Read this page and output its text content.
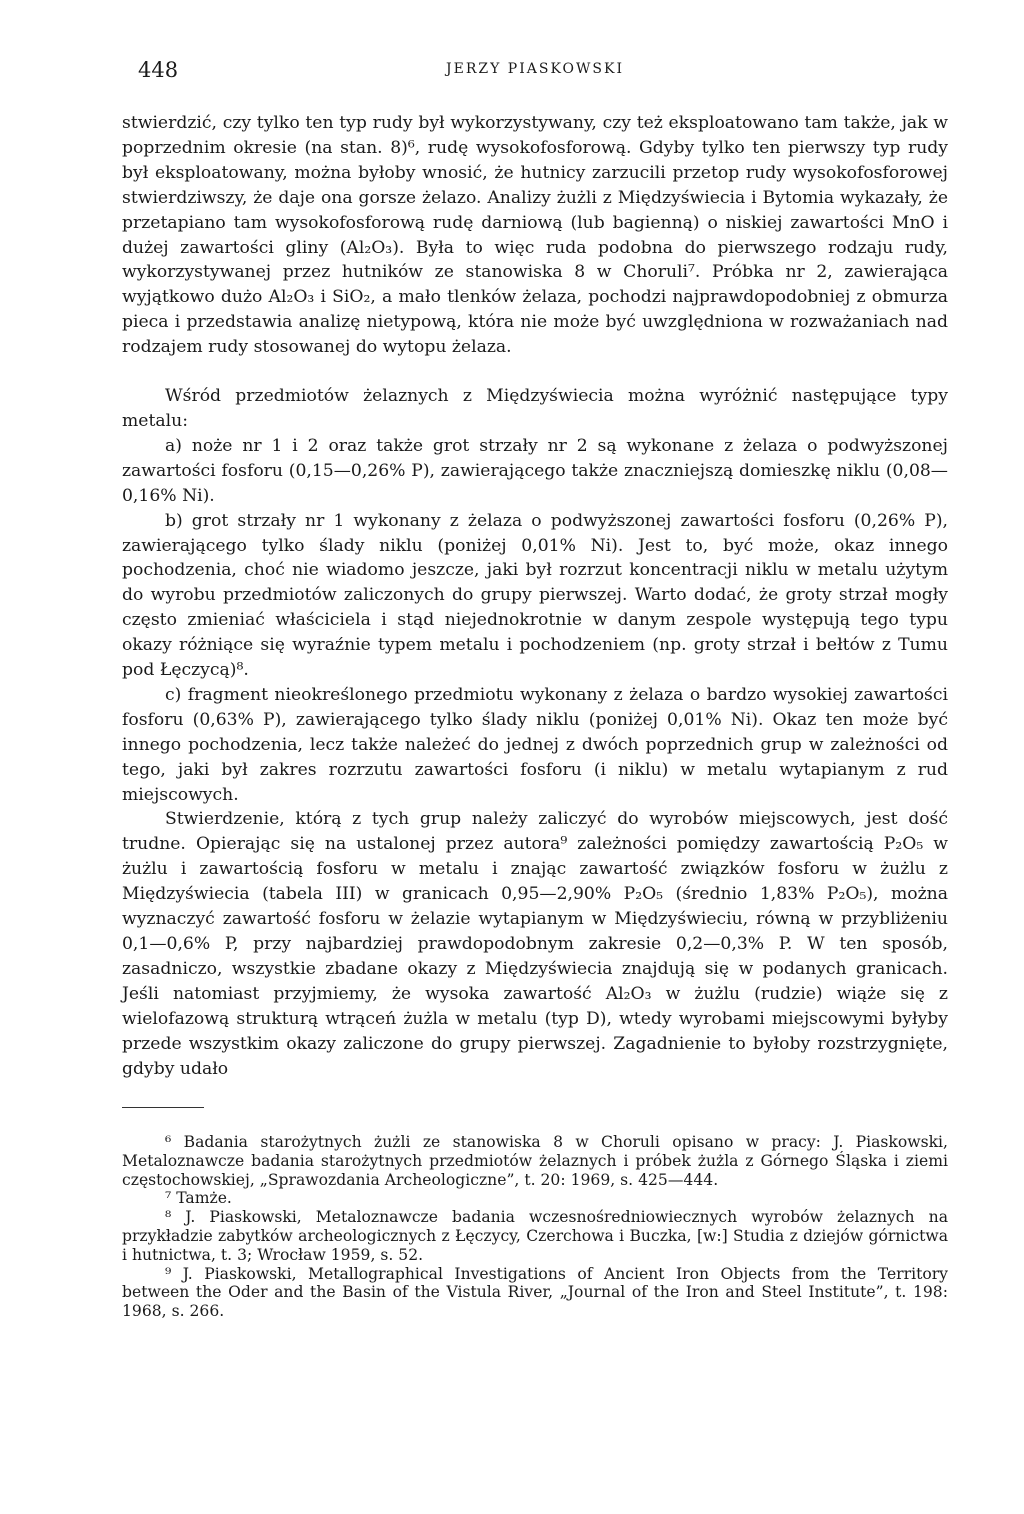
448	JERZY PIASKOWSKI

stwierdzić, czy tylko ten typ rudy był wykorzystywany, czy też eksploatowano tam także, jak w poprzednim okresie (na stan. 8)⁶, rudę wysokofosforową. Gdyby tylko ten pierwszy typ rudy był eksploatowany, można byłoby wnosić, że hutnicy zarzucili przetop rudy wysokofosforowej stwierdziwszy, że daje ona gorsze żelazo. Analizy żużli z Międzyświecia i Bytomia wykazały, że przetapiano tam wysokofosforową rudę darniową (lub bagienną) o niskiej zawartości MnO i dużej zawartości gliny (Al₂O₃). Była to więc ruda podobna do pierwszego rodzaju rudy, wykorzystywanej przez hutników ze stanowiska 8 w Choruli⁷. Próbka nr 2, zawierająca wyjątkowo dużo Al₂O₃ i SiO₂, a mało tlenków żelaza, pochodzi najprawdopodobniej z obmurza pieca i przedstawia analizę nietypową, która nie może być uwzględniona w rozważaniach nad rodzajem rudy stosowanej do wytopu żelaza.

Wśród przedmiotów żelaznych z Międzyświecia można wyróżnić następujące typy metalu:

a) noże nr 1 i 2 oraz także grot strzały nr 2 są wykonane z żelaza o podwyższonej zawartości fosforu (0,15—0,26% P), zawierającego także znaczniejszą domieszkę niklu (0,08—0,16% Ni).

b) grot strzały nr 1 wykonany z żelaza o podwyższonej zawartości fosforu (0,26% P), zawierającego tylko ślady niklu (poniżej 0,01% Ni). Jest to, być może, okaz innego pochodzenia, choć nie wiadomo jeszcze, jaki był rozrzut koncentracji niklu w metalu użytym do wyrobu przedmiotów zaliczonych do grupy pierwszej. Warto dodać, że groty strzał mogły często zmieniać właściciela i stąd niejednokrotnie w danym zespole występują tego typu okazy różniące się wyraźnie typem metalu i pochodzeniem (np. groty strzał i bełtów z Tumu pod Łęczycą)⁸.

c) fragment nieokreślonego przedmiotu wykonany z żelaza o bardzo wysokiej zawartości fosforu (0,63% P), zawierającego tylko ślady niklu (poniżej 0,01% Ni). Okaz ten może być innego pochodzenia, lecz także należeć do jednej z dwóch poprzednich grup w zależności od tego, jaki był zakres rozrzutu zawartości fosforu (i niklu) w metalu wytapianym z rud miejscowych.

Stwierdzenie, którą z tych grup należy zaliczyć do wyrobów miejscowych, jest dość trudne. Opierając się na ustalonej przez autora⁹ zależności pomiędzy zawartością P₂O₅ w żużlu i zawartością fosforu w metalu i znając zawartość związków fosforu w żużlu z Międzyświecia (tabela III) w granicach 0,95—2,90% P₂O₅ (średnio 1,83% P₂O₅), można wyznaczyć zawartość fosforu w żelazie wytapianym w Międzyświeciu, równą w przybliżeniu 0,1—0,6% P, przy najbardziej prawdopodobnym zakresie 0,2—0,3% P. W ten sposób, zasadniczo, wszystkie zbadane okazy z Międzyświecia znajdują się w podanych granicach. Jeśli natomiast przyjmiemy, że wysoka zawartość Al₂O₃ w żużlu (rudzie) wiąże się z wielofazową strukturą wtrąceń żużla w metalu (typ D), wtedy wyrobami miejscowymi byłyby przede wszystkim okazy zaliczone do grupy pierwszej. Zagadnienie to byłoby rozstrzygnięte, gdyby udało

⁶ Badania starożytnych żużli ze stanowiska 8 w Choruli opisano w pracy: J. Piaskowski, Metaloznawcze badania starożytnych przedmiotów żelaznych i próbek żużla z Górnego Śląska i ziemi częstochowskiej, „Sprawozdania Archeologiczne”, t. 20: 1969, s. 425—444.

⁷ Tamże.

⁸ J. Piaskowski, Metaloznawcze badania wczesnośredniowiecznych wyrobów żelaznych na przykładzie zabytków archeologicznych z Łęczycy, Czerchowa i Buczka, [w:] Studia z dziejów górnictwa i hutnictwa, t. 3; Wrocław 1959, s. 52.

⁹ J. Piaskowski, Metallographical Investigations of Ancient Iron Objects from the Territory between the Oder and the Basin of the Vistula River, „Journal of the Iron and Steel Institute”, t. 198: 1968, s. 266.
